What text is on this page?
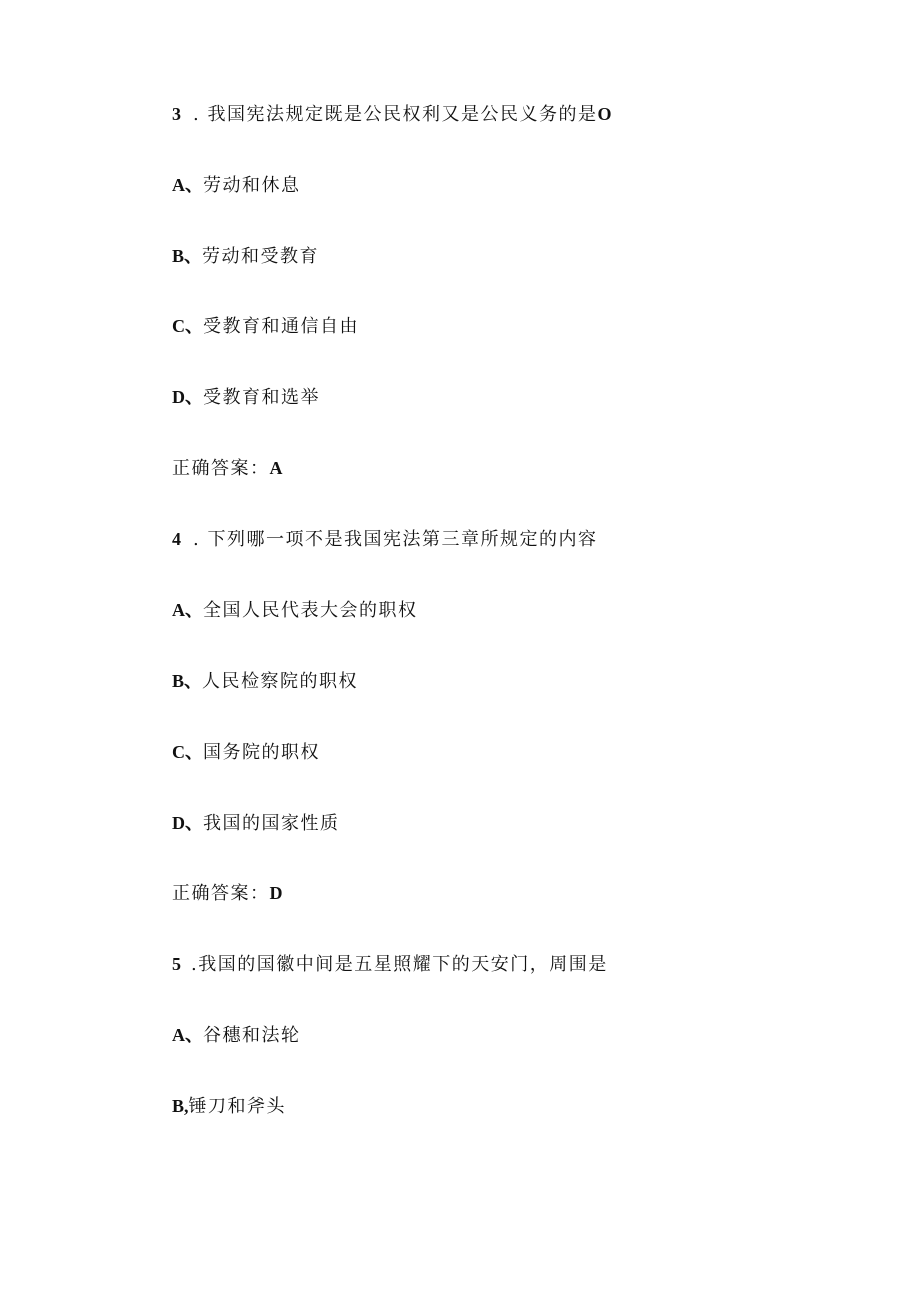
3 . 我国宪法规定既是公民权利又是公民义务的是O
A、劳动和休息
B、劳动和受教育
C、受教育和通信自由
D、受教育和选举
正确答案：A
4 . 下列哪一项不是我国宪法第三章所规定的内容
A、全国人民代表大会的职权
B、人民检察院的职权
C、国务院的职权
D、我国的国家性质
正确答案：D
5 .我国的国徽中间是五星照耀下的天安门，周围是
A、谷穗和法轮
B,锤刀和斧头
